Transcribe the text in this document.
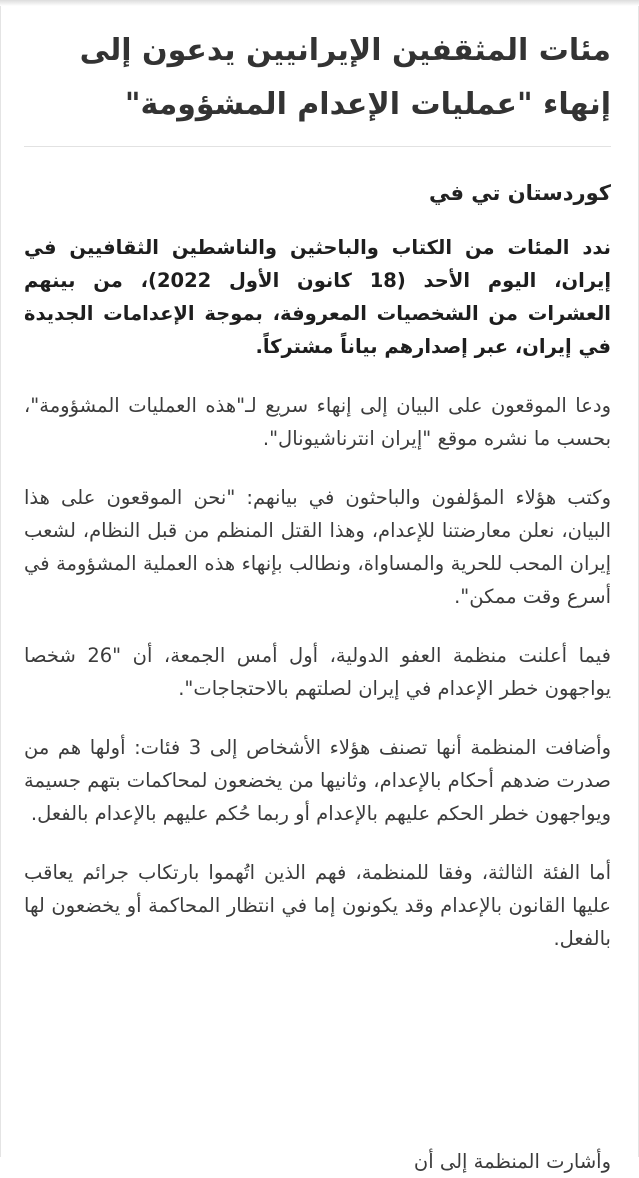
مئات المثقفين الإيرانيين يدعون إلى إنهاء "عمليات الإعدام المشؤومة"

كوردستان تي في

ندد المئات من الكتاب والباحثين والناشطين الثقافيين في إيران، اليوم الأحد (18 كانون الأول 2022)، من بينهم العشرات من الشخصيات المعروفة، بموجة الإعدامات الجديدة في إيران، عبر إصدارهم بياناً مشتركاً.

ودعا الموقعون على البيان إلى إنهاء سريع لـ"هذه العمليات المشؤومة"، بحسب ما نشره موقع "إيران انترناشيونال".

وكتب هؤلاء المؤلفون والباحثون في بيانهم: "نحن الموقعون على هذا البيان، نعلن معارضتنا للإعدام، وهذا القتل المنظم من قبل النظام، لشعب إيران المحب للحرية والمساواة، ونطالب بإنهاء هذه العملية المشؤومة في أسرع وقت ممكن".

فيما أعلنت منظمة العفو الدولية، أول أمس الجمعة، أن "26 شخصا يواجهون خطر الإعدام في إيران لصلتهم بالاحتجاجات".

وأضافت المنظمة أنها تصنف هؤلاء الأشخاص إلى 3 فئات: أولها هم من صدرت ضدهم أحكام بالإعدام، وثانيها من يخضعون لمحاكمات بتهم جسيمة ويواجهون خطر الحكم عليهم بالإعدام أو ربما حُكم عليهم بالإعدام بالفعل.

أما الفئة الثالثة، وفقا للمنظمة، فهم الذين اتُهموا بارتكاب جرائم يعاقب عليها القانون بالإعدام وقد يكونون إما في انتظار المحاكمة أو يخضعون لها بالفعل.

وأشارت المنظمة إلى أن
